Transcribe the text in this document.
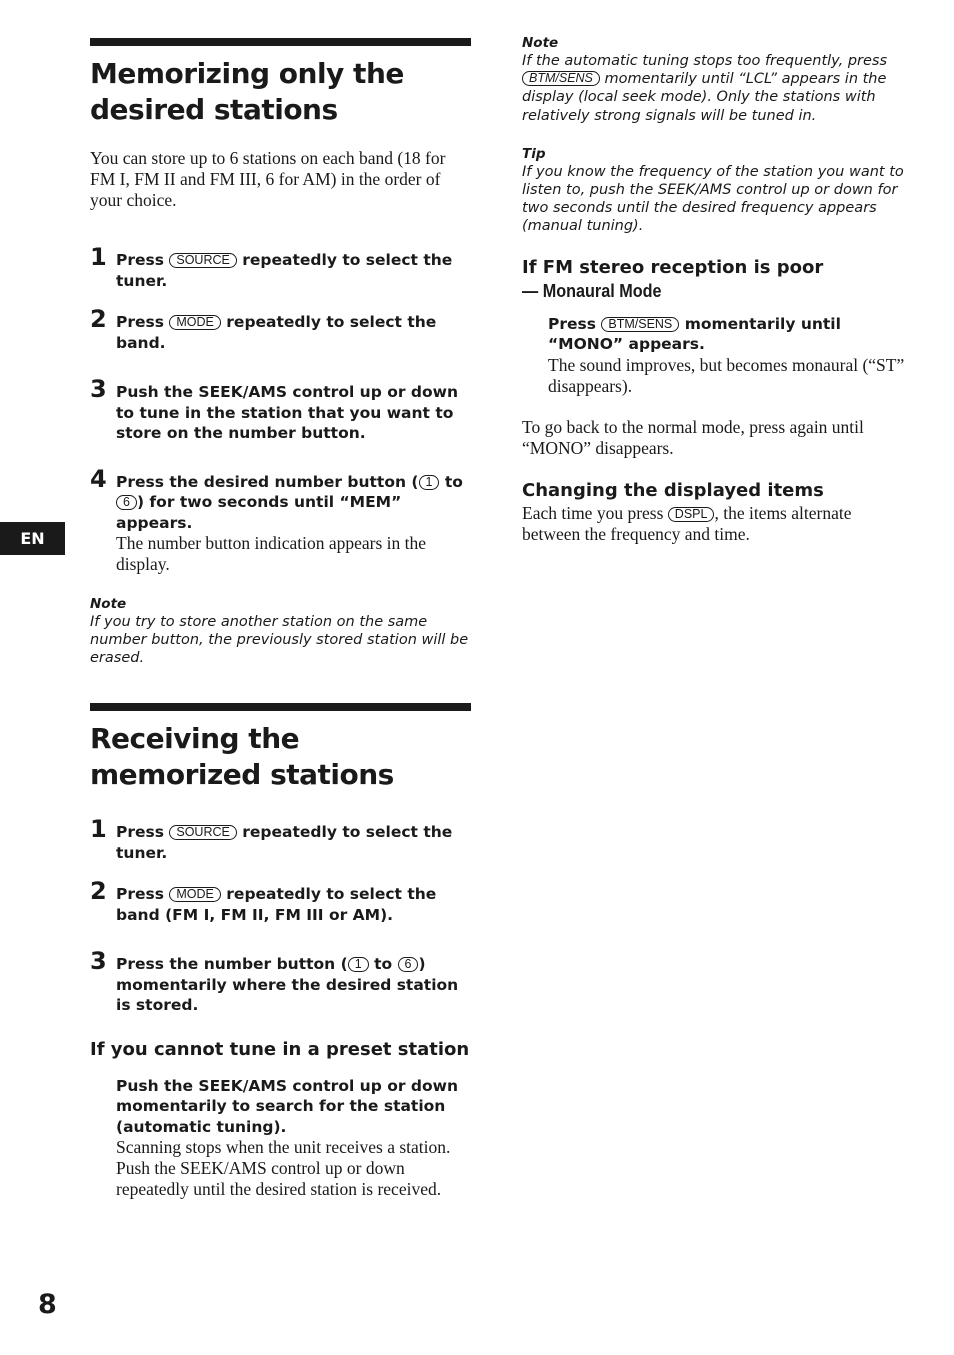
EN
8
Memorizing only the desired stations

You can store up to 6 stations on each band (18 for FM I, FM II and FM III, 6 for AM) in the order of your choice.

1 Press SOURCE repeatedly to select the tuner.
2 Press MODE repeatedly to select the band.
3 Push the SEEK/AMS control up or down to tune in the station that you want to store on the number button.
4 Press the desired number button ( 1 to 6 ) for two seconds until “MEM” appears.
The number button indication appears in the display.
Note
If you try to store another station on the same number button, the previously stored station will be erased.
Receiving the memorized stations
1 Press SOURCE repeatedly to select the tuner.
2 Press MODE repeatedly to select the band (FM I, FM II, FM III or AM).
3 Press the number button ( 1 to 6 ) momentarily where the desired station is stored.
If you cannot tune in a preset station
Push the SEEK/AMS control up or down momentarily to search for the station (automatic tuning).
Scanning stops when the unit receives a station. Push the SEEK/AMS control up or down repeatedly until the desired station is received.
Note
If the automatic tuning stops too frequently, press BTM/SENS momentarily until “LCL” appears in the display (local seek mode). Only the stations with relatively strong signals will be tuned in.
Tip
If you know the frequency of the station you want to listen to, push the SEEK/AMS control up or down for two seconds until the desired frequency appears (manual tuning).
If FM stereo reception is poor
— Monaural Mode
Press BTM/SENS momentarily until “MONO” appears.
The sound improves, but becomes monaural (“ST” disappears).

To go back to the normal mode, press again until “MONO” disappears.

Changing the displayed items

Each time you press DSPL , the items alternate between the frequency and time.
